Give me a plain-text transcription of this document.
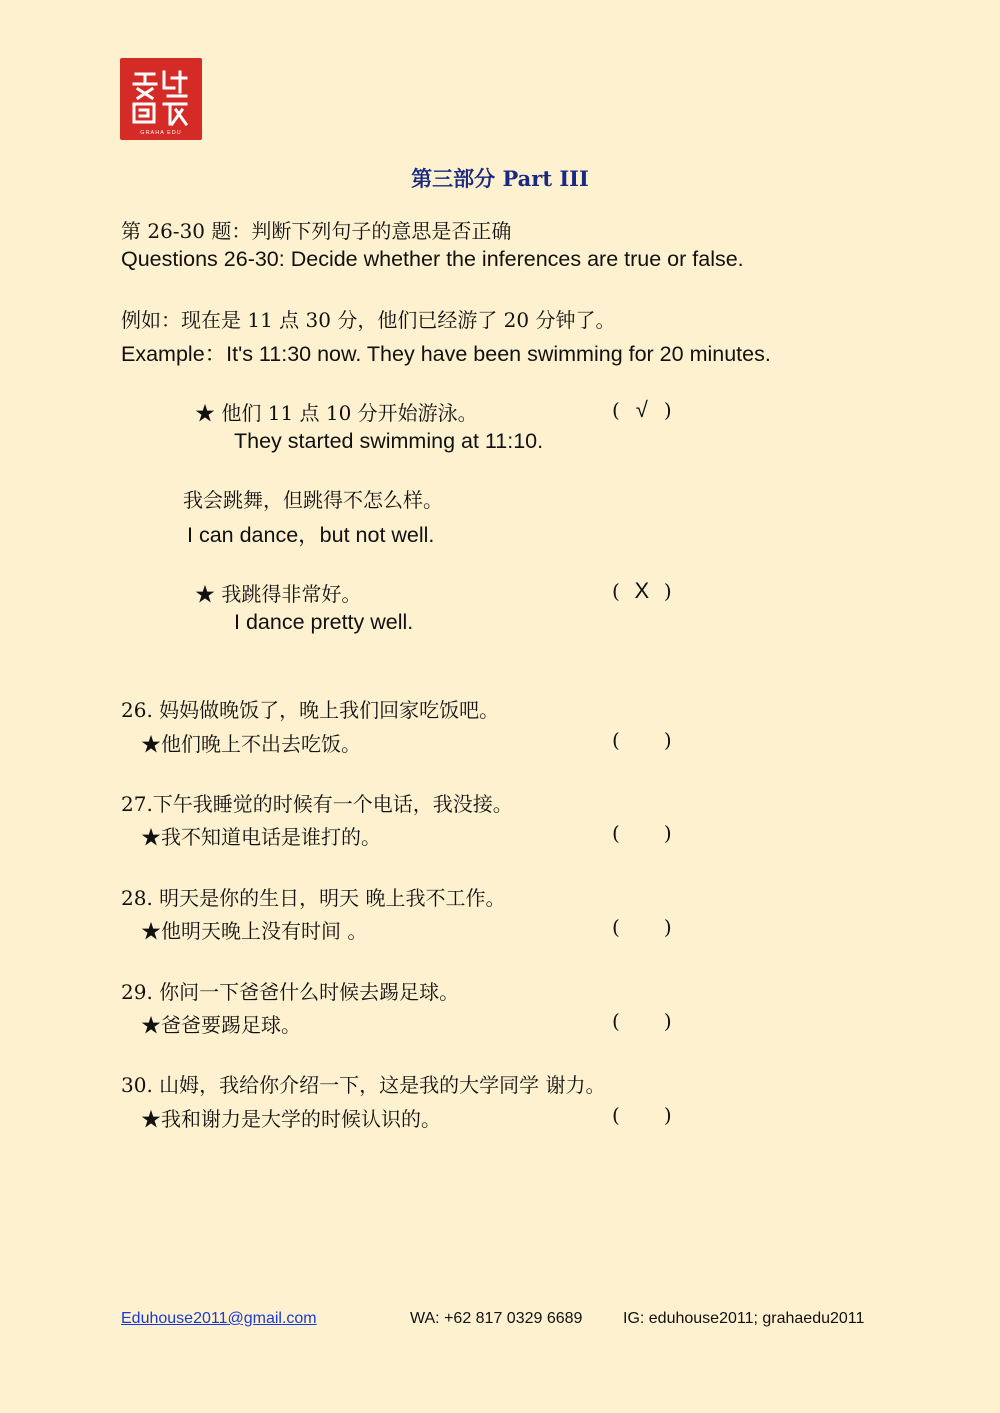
GRAHA EDU
第三部分 Part III
第 26-30 题：判断下列句子的意思是否正确
Questions 26-30: Decide whether the inferences are true or false.
例如：现在是 11 点 30 分，他们已经游了 20 分钟了。
Example：It's 11:30 now. They have been swimming for 20 minutes.
★ 他们 11 点 10 分开始游泳。	( √ )
They started swimming at 11:10.
我会跳舞，但跳得不怎么样。
I can dance，but not well.
★ 我跳得非常好。	( X )
I dance pretty well.
26. 妈妈做晚饭了，晚上我们回家吃饭吧。
★他们晚上不出去吃饭。	( )
27.下午我睡觉的时候有一个电话，我没接。
★我不知道电话是谁打的。	( )
28. 明天是你的生日，明天 晚上我不工作。
★他明天晚上没有时间 。	( )
29. 你问一下爸爸什么时候去踢足球。
★爸爸要踢足球。	( )
30. 山姆，我给你介绍一下，这是我的大学同学 谢力。
★我和谢力是大学的时候认识的。	( )
Eduhouse2011@gmail.com	WA: +62 817 0329 6689	IG: eduhouse2011; grahaedu2011
